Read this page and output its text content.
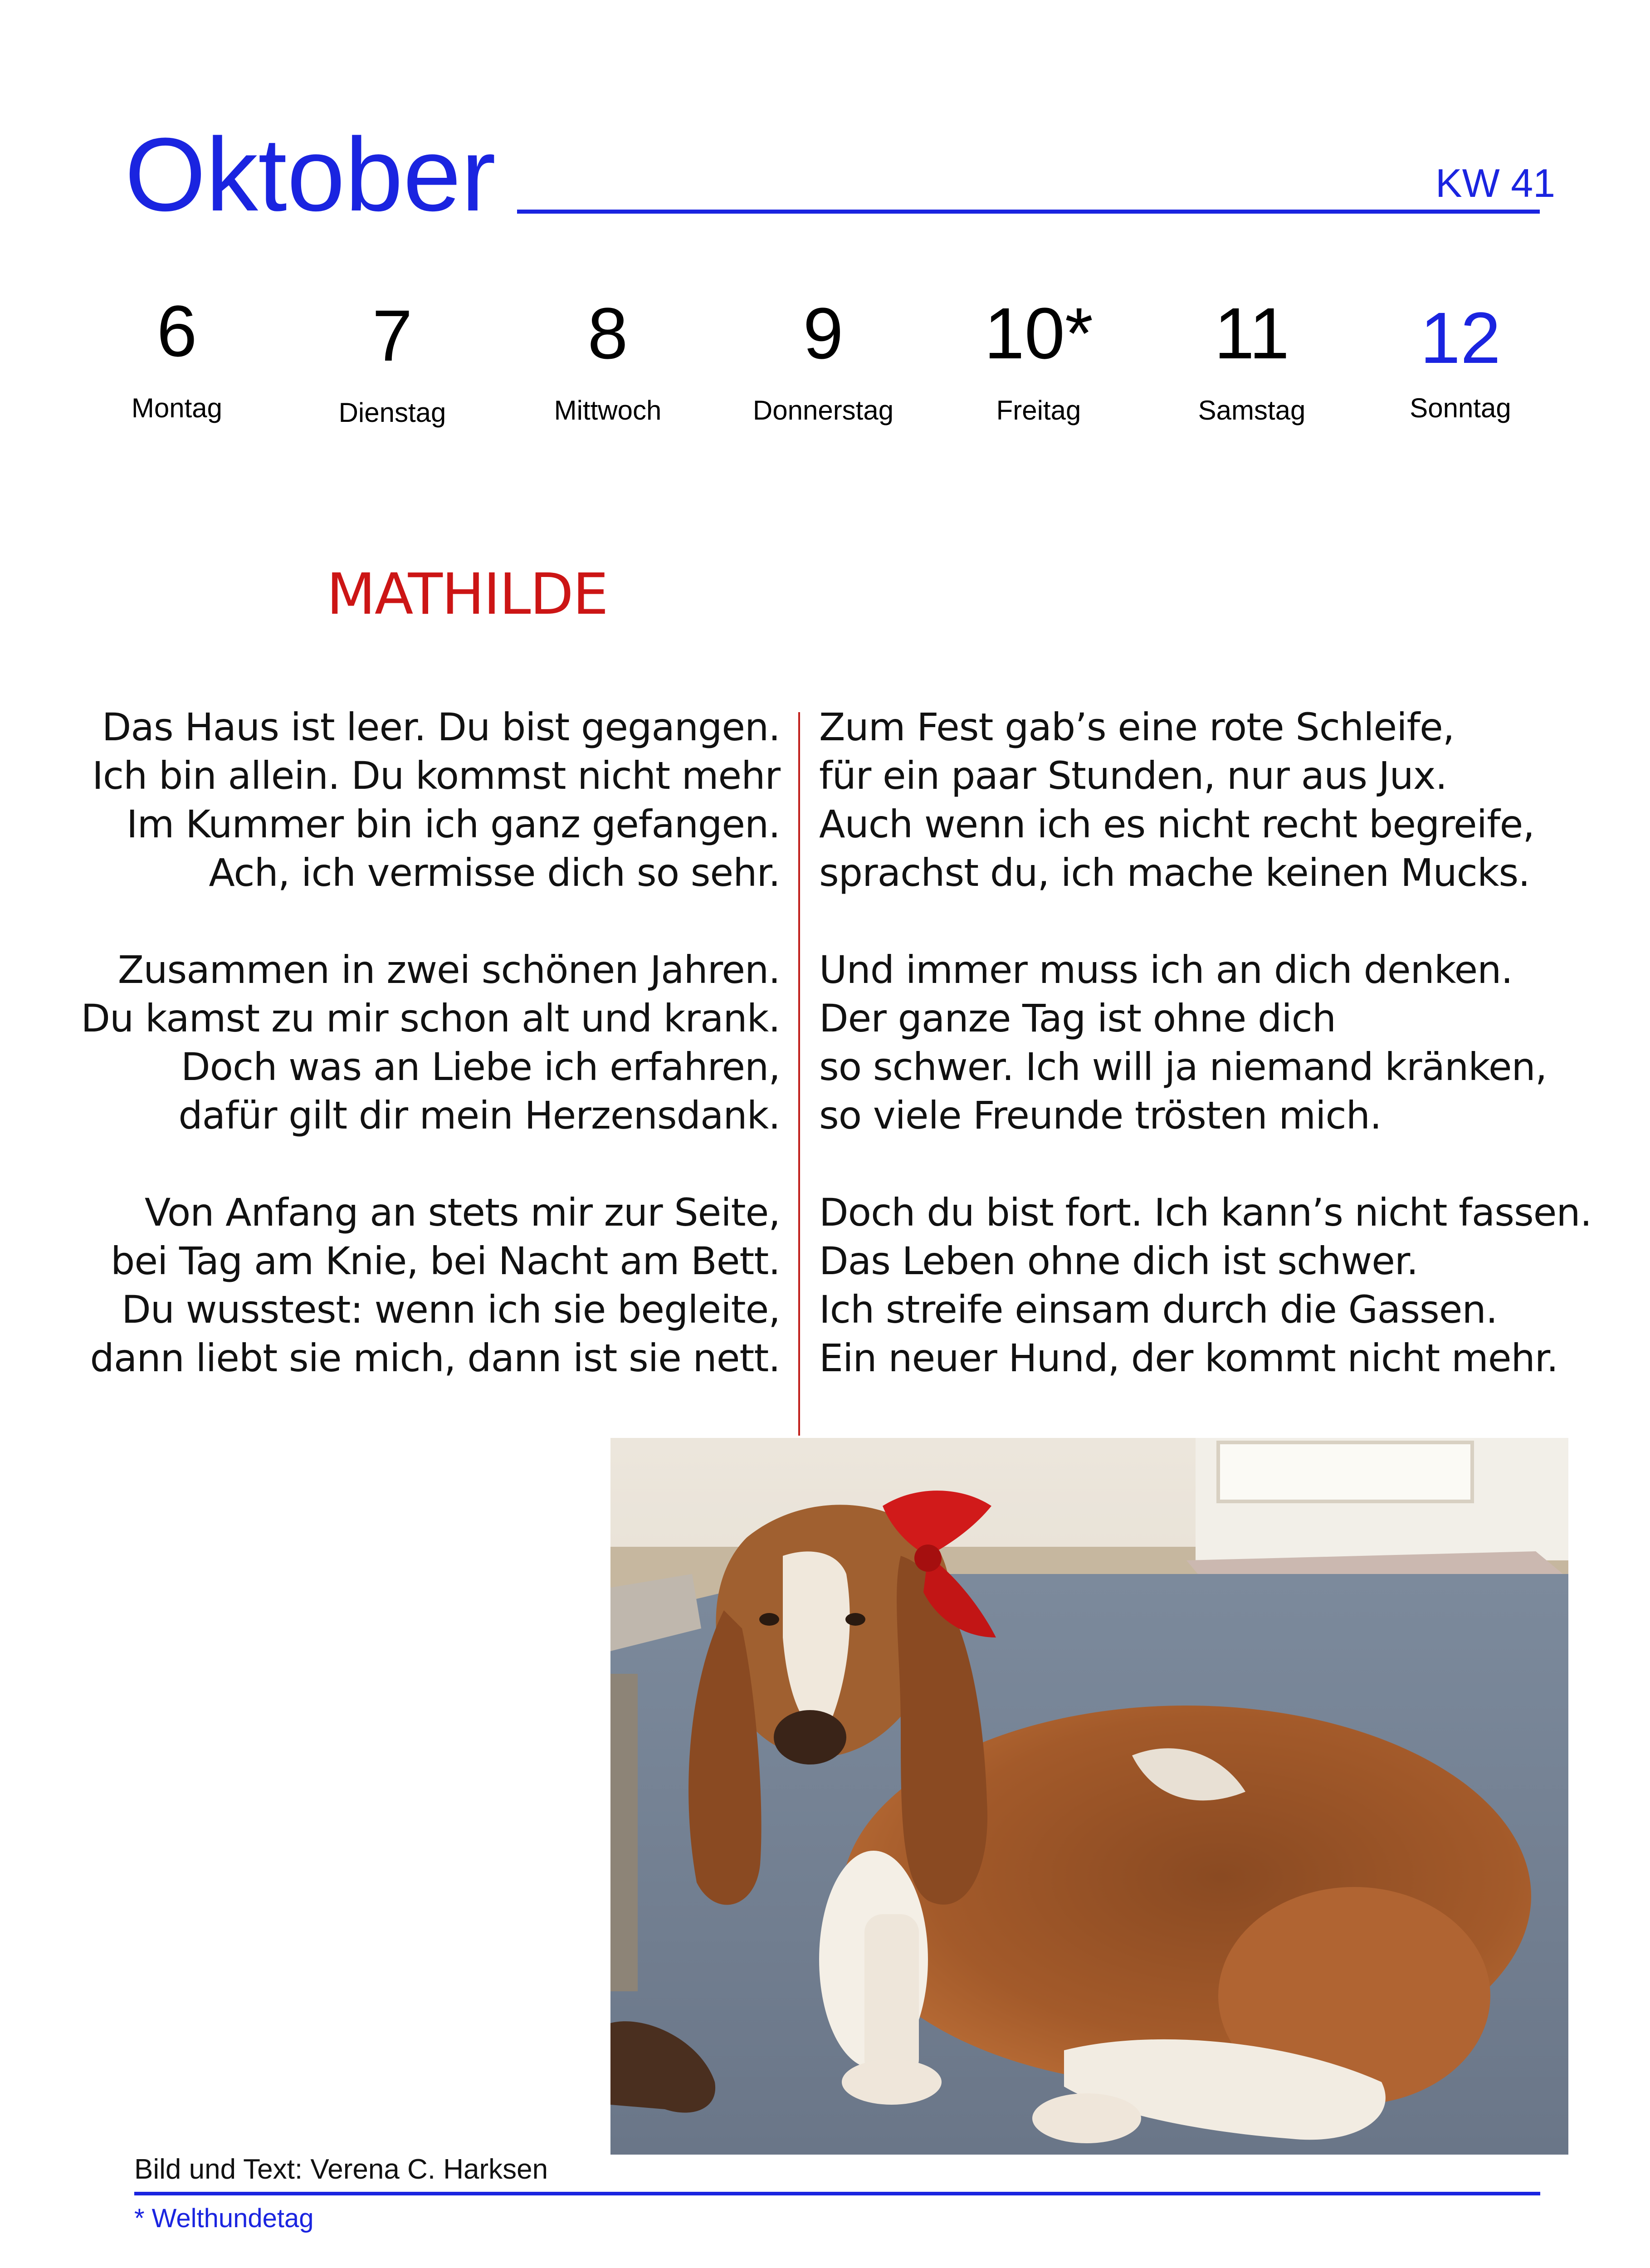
Oktober	KW 41
6
Montag
7
Dienstag
8
Mittwoch
9
Donnerstag
10*
Freitag
11
Samstag
12
Sonntag
MATHILDE
Das Haus ist leer. Du bist gegangen.
Ich bin allein. Du kommst nicht mehr
Im Kummer bin ich ganz gefangen.
Ach, ich vermisse dich so sehr.
Zusammen in zwei schönen Jahren.
Du kamst zu mir schon alt und krank.
Doch was an Liebe ich erfahren,
dafür gilt dir mein Herzensdank.
Von Anfang an stets mir zur Seite,
bei Tag am Knie, bei Nacht am Bett.
Du wusstest: wenn ich sie begleite,
dann liebt sie mich, dann ist sie nett.
Zum Fest gab’s eine rote Schleife,
für ein paar Stunden, nur aus Jux.
Auch wenn ich es nicht recht begreife,
sprachst du, ich mache keinen Mucks.
Und immer muss ich an dich denken.
Der ganze Tag ist ohne dich
so schwer. Ich will ja niemand kränken,
so viele Freunde trösten mich.
Doch du bist fort. Ich kann’s nicht fassen.
Das Leben ohne dich ist schwer.
Ich streife einsam durch die Gassen.
Ein neuer Hund, der kommt nicht mehr.
Bild und Text: Verena C. Harksen
* Welthundetag
